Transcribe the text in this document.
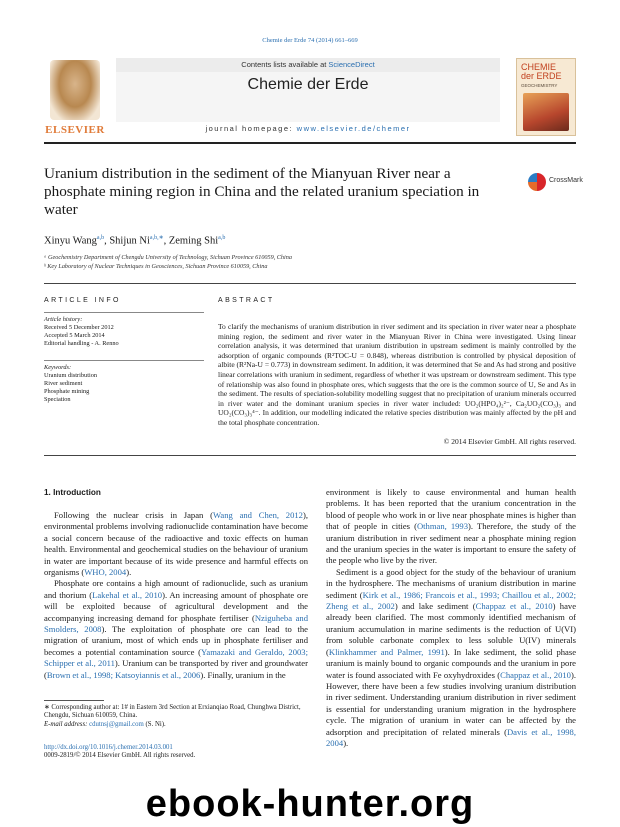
Chemie der Erde 74 (2014) 661–669
ELSEVIER
Contents lists available at ScienceDirect
Chemie der Erde
journal homepage: www.elsevier.de/chemer
CHEMIE
der ERDE
GEOCHEMISTRY
Uranium distribution in the sediment of the Mianyuan River near a phosphate mining region in China and the related uranium speciation in water
CrossMark
Xinyu Wang$^{a,b}$, Shijun $Ni^{a,b,∗}$, Zeming Shi$^{a,b}$
ᵃ Geochemistry Department of Chengdu University of Technology, Sichuan Province 610059, China
ᵇ Key Laboratory of Nuclear Techniques in Geosciences, Sichuan Province 610059, China
ARTICLE INFO	ABSTRACT
Article history:
Received 5 December 2012
Accepted 5 March 2014
Editorial handling - A. Renno
Keywords:
Uranium distribution
River sediment
Phosphate mining
Speciation
To clarify the mechanisms of uranium distribution in river sediment and its speciation in river water near a phosphate mining region, the sediment and river water in the Mianyuan River in China were investigated. Using linear correlation analysis, it was determined that uranium distribution in upstream sediment is mainly controlled by the adsorption of organic compounds (R²TOC-U = 0.848), whereas distribution is controlled by physical deposition of albite (R²Na-U = 0.773) in downstream sediment. In addition, it was determined that Se and As had strong and positive linear correlations with uranium in sediment, regardless of whether it was upstream or downstream sediment. This type of relationship was also found in phosphate ores, which suggests that the ore is the common source of U, Se and As in the sediment. The results of speciation-solubility modelling suggest that no precipitation of uranium minerals occurred in river water and the dominant uranium species in river water included: UO₂(HPO₄)₂²⁻, Ca₂UO₂(CO₃)₃ and UO₂(CO₃)₃⁴⁻. In addition, our modelling indicated the relative species distribution was mainly affected by the pH and the total phosphate concentration.
© 2014 Elsevier GmbH. All rights reserved.
1. Introduction

Following the nuclear crisis in Japan (Wang and Chen, 2012), environmental problems involving radionuclide contamination have become a social concern because of the radioactive and toxic effects on human health. Environmental and geochemical studies on the behaviour of uranium in water are important because of its wide presence and harmful effects on organisms (WHO, 2004).

Phosphate ore contains a high amount of radionuclide, such as uranium and thorium (Lakehal et al., 2010). An increasing amount of phosphate ore will be exploited because of agricultural development and the accompanying increasing demand for phosphate fertiliser (Nziguheba and Smolders, 2008). The exploitation of phosphate ore can lead to the migration of uranium, most of which ends up in phosphate fertiliser and becomes a potential contamination source (Yamazaki and Geraldo, 2003; Schipper et al., 2011). Uranium can be transported by river and groundwater (Brown et al., 1998; Katsoyiannis et al., 2006). Finally, uranium in the

environment is likely to cause environmental and human health problems. It has been reported that the uranium concentration in the blood of people who work in or live near phosphate mines is higher than that of people in cities (Othman, 1993). Therefore, the study of the uranium distribution in river sediment near a phosphate mining region and the uranium species in the water is important to ensure the safety of the people who live by the river.

Sediment is a good object for the study of the behaviour of uranium in the hydrosphere. The mechanisms of uranium distribution in marine sediment (Kirk et al., 1986; Francois et al., 1993; Chaillou et al., 2002; Zheng et al., 2002) and lake sediment (Chappaz et al., 2010) have already been clarified. The most commonly identified mechanism of uranium accumulation in marine sediments is the reduction of U(VI) from soluble carbonate complex to less soluble U(IV) minerals (Klinkhammer and Palmer, 1991). In lake sediment, the solid phase uranium is mainly bound to organic compounds and the uranium in pore water is found associated with Fe oxyhydroxides (Chappaz et al., 2010). However, there have been a few studies involving uranium distribution in river sediment. Understanding uranium distribution in river sediment is essential for understanding uranium migration in the hydrosphere cycle. The migration of uranium in water can be affected by the adsorption and precipitation of related minerals (Davis et al., 1998, 2004).

∗ Corresponding author at: 1# in Eastern 3rd Section at Erxianqiao Road, Chunghwa District, Chengdu, Sichuan 610059, China.
E-mail address: cdutnsj@gmail.com (S. Ni).
http://dx.doi.org/10.1016/j.chemer.2014.03.001
0009-2819/© 2014 Elsevier GmbH. All rights reserved.
ebook-hunter.org
